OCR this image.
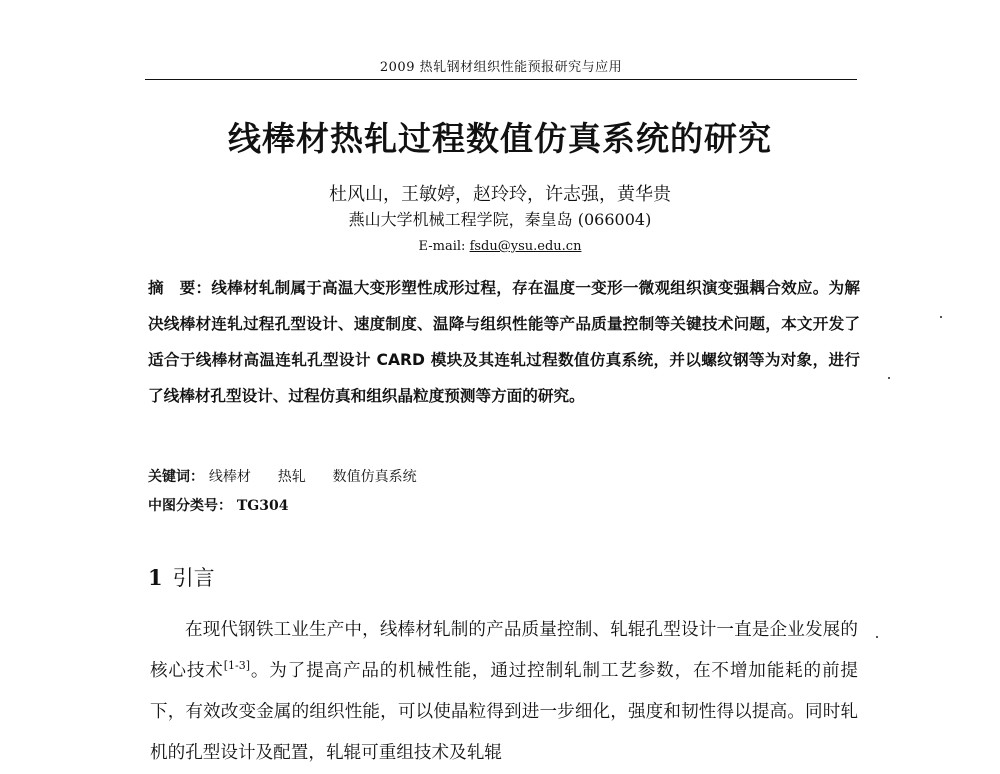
2009 热轧钢材组织性能预报研究与应用
线棒材热轧过程数值仿真系统的研究
杜风山，王敏婷，赵玲玲，许志强，黄华贵
燕山大学机械工程学院，秦皇岛 (066004)
E-mail: fsdu@ysu.edu.cn

摘　要：线棒材轧制属于高温大变形塑性成形过程，存在温度一变形一微观组织演变强耦合效应。为解决线棒材连轧过程孔型设计、速度制度、温降与组织性能等产品质量控制等关键技术问题，本文开发了适合于线棒材高温连轧孔型设计 CARD 模块及其连轧过程数值仿真系统，并以螺纹钢等为对象，进行了线棒材孔型设计、过程仿真和组织晶粒度预测等方面的研究。

关键词： 线棒材 热轧 数值仿真系统
中图分类号： TG304
1 引言

在现代钢铁工业生产中，线棒材轧制的产品质量控制、轧辊孔型设计一直是企业发展的核心技术[1-3]。为了提高产品的机械性能，通过控制轧制工艺参数，在不增加能耗的前提下，有效改变金属的组织性能，可以使晶粒得到进一步细化，强度和韧性得以提高。同时轧机的孔型设计及配置，轧辊可重组技术及轧辊
